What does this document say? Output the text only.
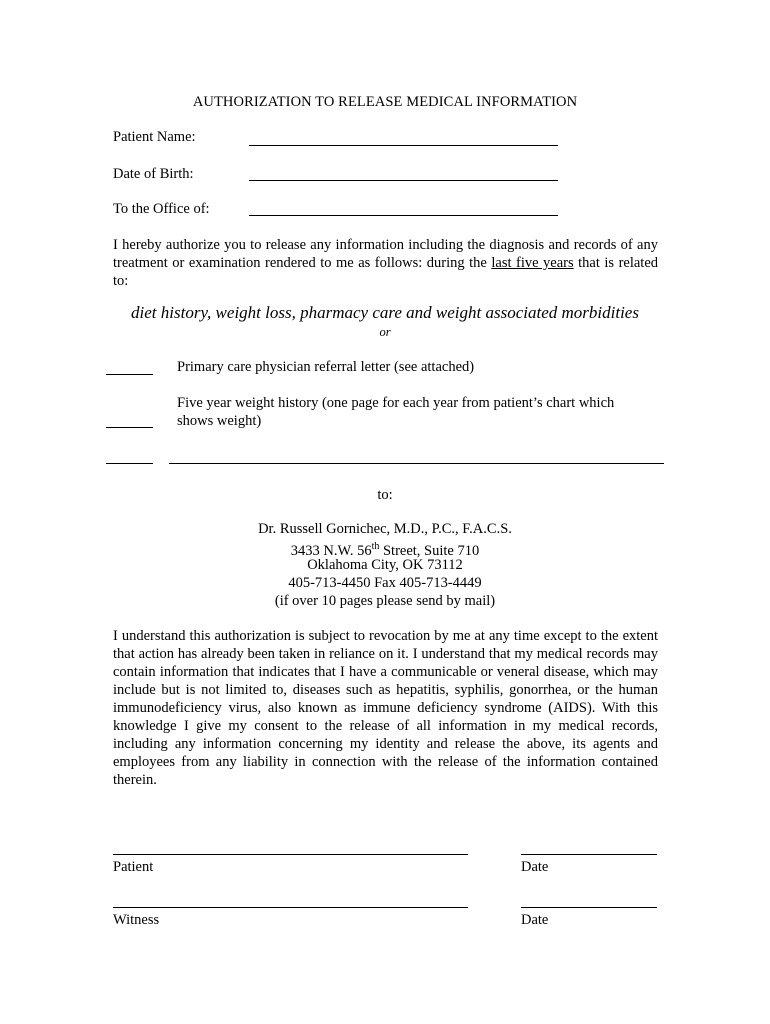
AUTHORIZATION TO RELEASE MEDICAL INFORMATION
Patient Name:
Date of Birth:
To the Office of:
I hereby authorize you to release any information including the diagnosis and records of any treatment or examination rendered to me as follows: during the last five years that is related to:
diet history, weight loss, pharmacy care and weight associated morbidities
or
Primary care physician referral letter (see attached)
Five year weight history (one page for each year from patient’s chart which shows weight)
to:
Dr. Russell Gornichec, M.D., P.C., F.A.C.S.
3433 N.W. 56th Street, Suite 710
Oklahoma City, OK 73112
405-713-4450 Fax 405-713-4449
(if over 10 pages please send by mail)
I understand this authorization is subject to revocation by me at any time except to the extent that action has already been taken in reliance on it. I understand that my medical records may contain information that indicates that I have a communicable or veneral disease, which may include but is not limited to, diseases such as hepatitis, syphilis, gonorrhea, or the human immunodeficiency virus, also known as immune deficiency syndrome (AIDS). With this knowledge I give my consent to the release of all information in my medical records, including any information concerning my identity and release the above, its agents and employees from any liability in connection with the release of the information contained therein.
Patient	Date
Witness	Date
